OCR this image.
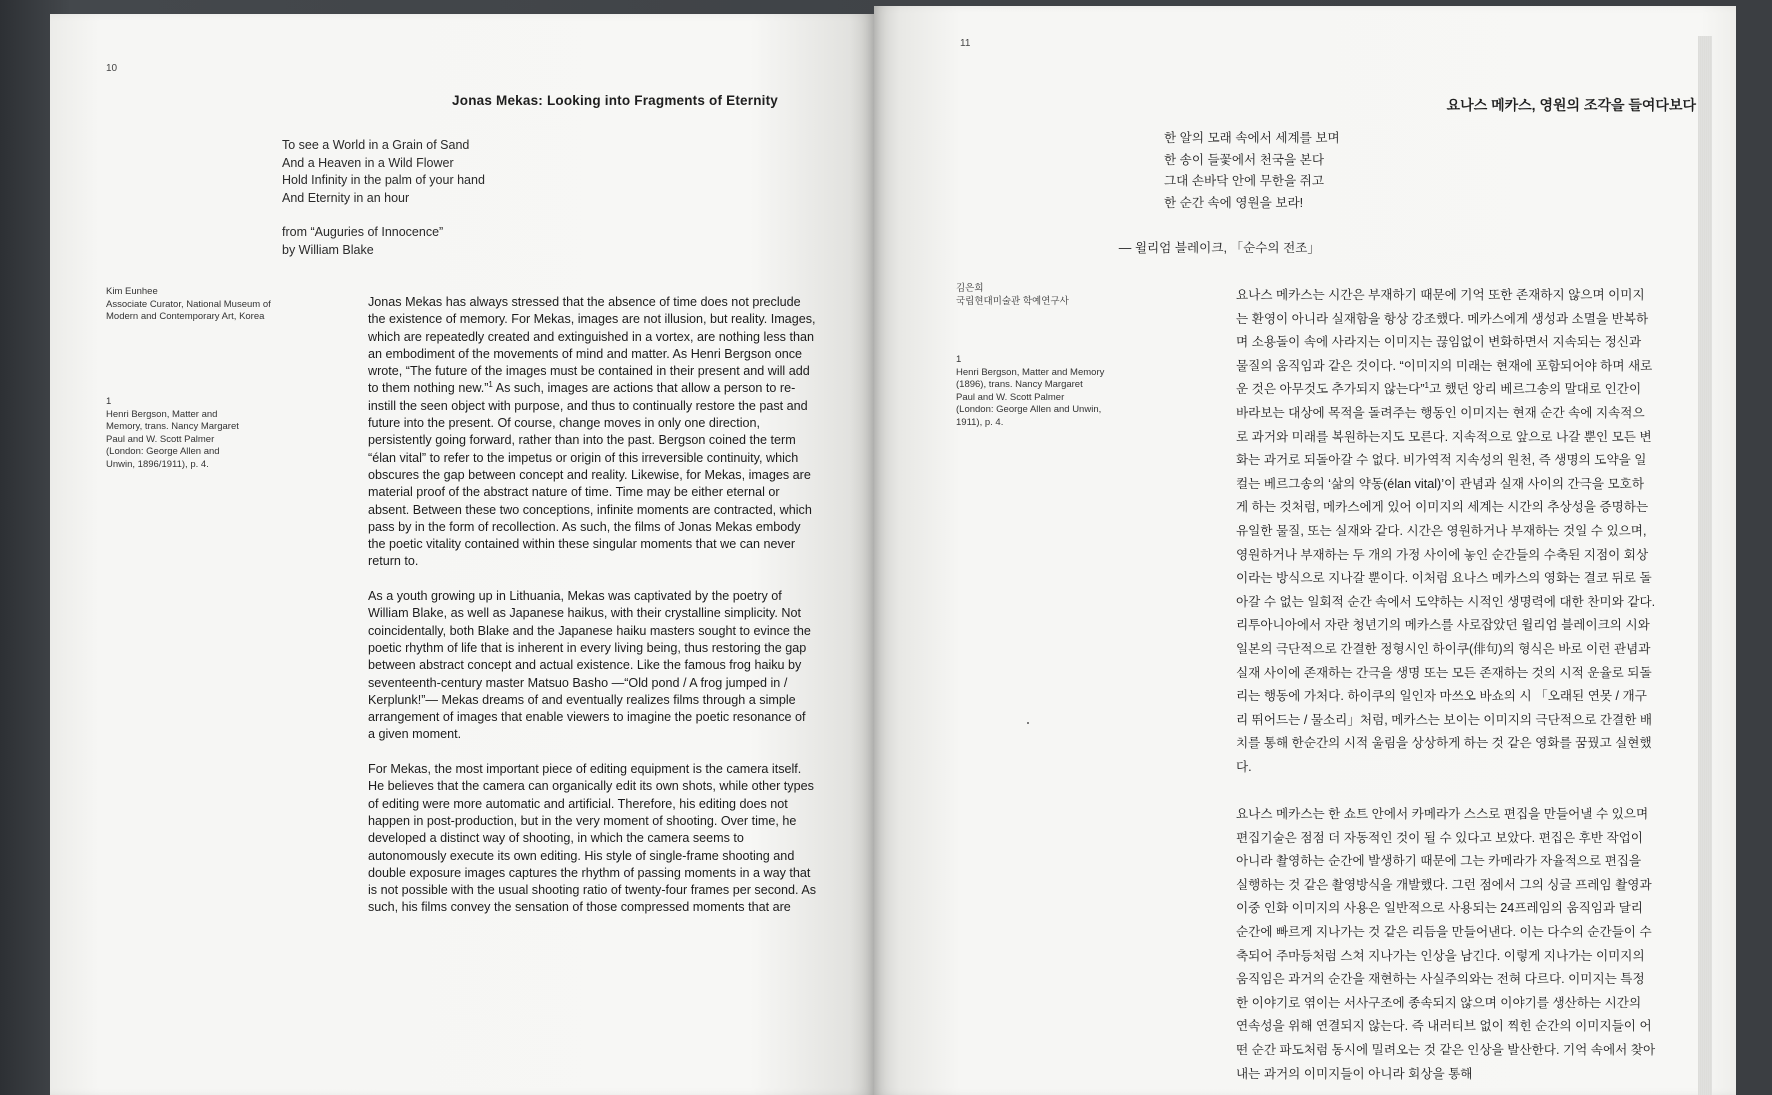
10
Jonas Mekas: Looking into Fragments of Eternity
To see a World in a Grain of Sand
And a Heaven in a Wild Flower
Hold Infinity in the palm of your hand
And Eternity in an hour
from “Auguries of Innocence”
by William Blake
Kim Eunhee
Associate Curator, National Museum of
Modern and Contemporary Art, Korea
1
Henri Bergson, Matter and
Memory, trans. Nancy Margaret
Paul and W. Scott Palmer
(London: George Allen and
Unwin, 1896/1911), p. 4.

Jonas Mekas has always stressed that the absence of time does not preclude the existence of memory. For Mekas, images are not illusion, but reality. Images, which are repeatedly created and extinguished in a vortex, are nothing less than an embodiment of the movements of mind and matter. As Henri Bergson once wrote, “The future of the images must be contained in their present and will add to them nothing new.”$^1$ As such, images are actions that allow a person to re-instill the seen object with purpose, and thus to continually restore the past and future into the present. Of course, change moves in only one direction, persistently going forward, rather than into the past. Bergson coined the term “élan vital” to refer to the impetus or origin of this irreversible continuity, which obscures the gap between concept and reality. Likewise, for Mekas, images are material proof of the abstract nature of time. Time may be either eternal or absent. Between these two conceptions, infinite moments are contracted, which pass by in the form of recollection. As such, the films of Jonas Mekas embody the poetic vitality contained within these singular moments that we can never return to.

As a youth growing up in Lithuania, Mekas was captivated by the poetry of William Blake, as well as Japanese haikus, with their crystalline simplicity. Not coincidentally, both Blake and the Japanese haiku masters sought to evince the poetic rhythm of life that is inherent in every living being, thus restoring the gap between abstract concept and actual existence. Like the famous frog haiku by seventeenth-century master Matsuo Basho —“Old pond / A frog jumped in / Kerplunk!”— Mekas dreams of and eventually realizes films through a simple arrangement of images that enable viewers to imagine the poetic resonance of a given moment.

For Mekas, the most important piece of editing equipment is the camera itself. He believes that the camera can organically edit its own shots, while other types of editing were more automatic and artificial. Therefore, his editing does not happen in post-production, but in the very moment of shooting. Over time, he developed a distinct way of shooting, in which the camera seems to autonomously execute its own editing. His style of single-frame shooting and double exposure images captures the rhythm of passing moments in a way that is not possible with the usual shooting ratio of twenty-four frames per second. As such, his films convey the sensation of those compressed moments that are

11
요나스 메카스, 영원의 조각을 들여다보다
한 알의 모래 속에서 세계를 보며
한 송이 들꽃에서 천국을 본다
그대 손바닥 안에 무한을 쥐고
한 순간 속에 영원을 보라!
— 윌리엄 블레이크, 「순수의 전조」
김은희
국립현대미술관 학예연구사
1
Henri Bergson, Matter and Memory
(1896), trans. Nancy Margaret
Paul and W. Scott Palmer
(London: George Allen and Unwin,
1911), p. 4.

요나스 메카스는 시간은 부재하기 때문에 기억 또한 존재하지 않으며 이미지는 환영이 아니라 실재함을 항상 강조했다. 메카스에게 생성과 소멸을 반복하며 소용돌이 속에 사라지는 이미지는 끊임없이 변화하면서 지속되는 정신과 물질의 움직임과 같은 것이다. “이미지의 미래는 현재에 포함되어야 하며 새로운 것은 아무것도 추가되지 않는다”$^1$고 했던 앙리 베르그송의 말대로 인간이 바라보는 대상에 목적을 돌려주는 행동인 이미지는 현재 순간 속에 지속적으로 과거와 미래를 복원하는지도 모른다. 지속적으로 앞으로 나갈 뿐인 모든 변화는 과거로 되돌아갈 수 없다. 비가역적 지속성의 원천, 즉 생명의 도약을 일컬는 베르그송의 ‘삶의 약동(élan vital)’이 관념과 실재 사이의 간극을 모호하게 하는 것처럼, 메카스에게 있어 이미지의 세계는 시간의 추상성을 증명하는 유일한 물질, 또는 실재와 같다. 시간은 영원하거나 부재하는 것일 수 있으며, 영원하거나 부재하는 두 개의 가정 사이에 놓인 순간들의 수축된 지점이 회상이라는 방식으로 지나갈 뿐이다. 이처럼 요나스 메카스의 영화는 결코 뒤로 돌아갈 수 없는 일회적 순간 속에서 도약하는 시적인 생명력에 대한 찬미와 같다. 리투아니아에서 자란 청년기의 메카스를 사로잡았던 윌리엄 블레이크의 시와 일본의 극단적으로 간결한 정형시인 하이쿠(俳句)의 형식은 바로 이런 관념과 실재 사이에 존재하는 간극을 생명 또는 모든 존재하는 것의 시적 운율로 되돌리는 행동에 가처다. 하이쿠의 일인자 마쓰오 바쇼의 시 「오래된 연못 / 개구리 뛰어드는 / 물소리」처럼, 메카스는 보이는 이미지의 극단적으로 간결한 배치를 통해 한순간의 시적 울림을 상상하게 하는 것 같은 영화를 꿈꿨고 실현했다.

요나스 메카스는 한 쇼트 안에서 카메라가 스스로 편집을 만들어낼 수 있으며 편집기술은 점점 더 자동적인 것이 될 수 있다고 보았다. 편집은 후반 작업이 아니라 촬영하는 순간에 발생하기 때문에 그는 카메라가 자율적으로 편집을 실행하는 것 같은 촬영방식을 개발했다. 그런 점에서 그의 싱글 프레임 촬영과 이중 인화 이미지의 사용은 일반적으로 사용되는 24프레임의 움직임과 달리 순간에 빠르게 지나가는 것 같은 리듬을 만들어낸다. 이는 다수의 순간들이 수축되어 주마등처럼 스쳐 지나가는 인상을 남긴다. 이렇게 지나가는 이미지의 움직임은 과거의 순간을 재현하는 사실주의와는 전혀 다르다. 이미지는 특정한 이야기로 엮이는 서사구조에 종속되지 않으며 이야기를 생산하는 시간의 연속성을 위해 연결되지 않는다. 즉 내러티브 없이 찍힌 순간의 이미지들이 어떤 순간 파도처럼 동시에 밀려오는 것 같은 인상을 발산한다. 기억 속에서 찾아내는 과거의 이미지들이 아니라 회상을 통해
